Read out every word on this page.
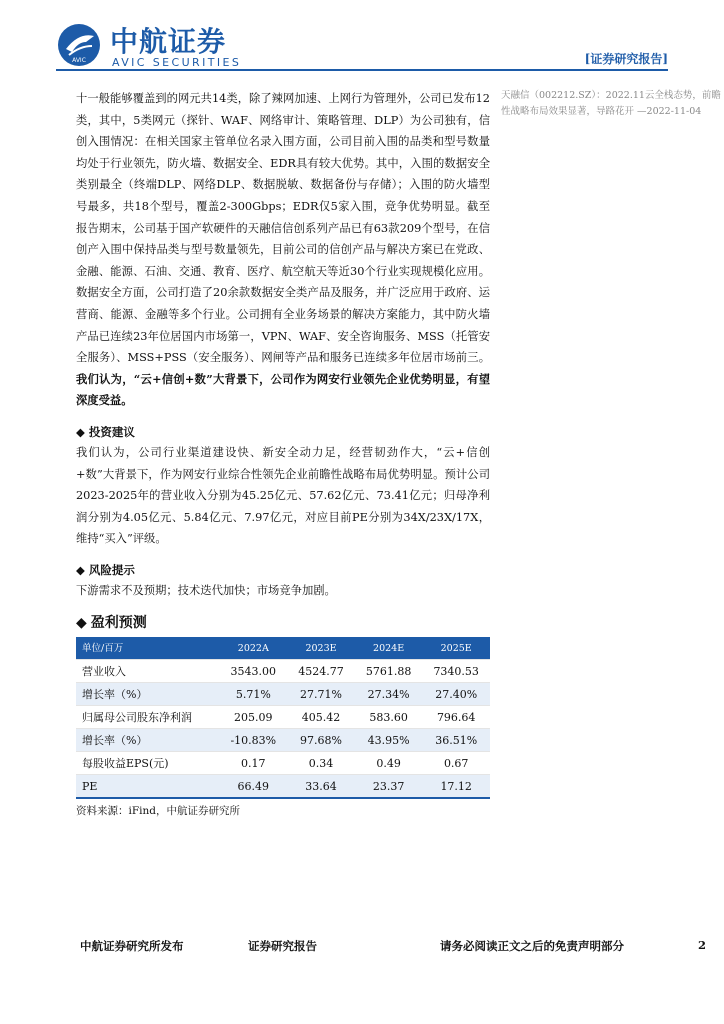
AVIC
中航证券
AVIC SECURITIES	[证券研究报告]

十一般能够覆盖到的网元共14类，除了辣网加速、上网行为管理外，公司已发布12类，其中，5类网元（探针、WAF、网络审计、策略管理、DLP）为公司独有，信创入围情况：在相关国家主管单位名录入围方面，公司目前入围的品类和型号数量均处于行业领先，防火墙、数据安全、EDR具有较大优势。其中，入围的数据安全类别最全（终端DLP、网络DLP、数据脱敏、数据备份与存储）；入围的防火墙型号最多，共18个型号，覆盖2-300Gbps；EDR仅5家入围，竞争优势明显。截至报告期末，公司基于国产软硬件的天融信信创系列产品已有63款209个型号，在信创产入围中保持品类与型号数量领先，目前公司的信创产品与解决方案已在党政、金融、能源、石油、交通、教育、医疗、航空航天等近30个行业实现规模化应用。数据安全方面，公司打造了20余款数据安全类产品及服务，并广泛应用于政府、运营商、能源、金融等多个行业。公司拥有全业务场景的解决方案能力，其中防火墙产品已连续23年位居国内市场第一，VPN、WAF、安全咨询服务、MSS（托管安全服务）、MSS+PSS（安全服务）、网闸等产品和服务已连续多年位居市场前三。我们认为，“云+信创+数”大背景下，公司作为网安行业领先企业优势明显，有望深度受益。

◆ 投资建议

我们认为，公司行业渠道建设快、新安全动力足，经营韧劲作大，“云+信创+数”大背景下，作为网安行业综合性领先企业前瞻性战略布局优势明显。预计公司2023-2025年的营业收入分别为45.25亿元、57.62亿元、73.41亿元；归母净利润分别为4.05亿元、5.84亿元、7.97亿元，对应目前PE分别为34X/23X/17X，维持“买入”评级。

◆ 风险提示

下游需求不及预期；技术迭代加快；市场竞争加剧。

◆ 盈利预测
单位/百万	2022A	2023E	2024E	2025E
营业收入	3543.00	4524.77	5761.88	7340.53
增长率（%）	5.71%	27.71%	27.34%	27.40%
归属母公司股东净利润	205.09	405.42	583.60	796.64
增长率（%）	-10.83%	97.68%	43.95%	36.51%
每股收益EPS(元)	0.17	0.34	0.49	0.67
PE	66.49	33.64	23.37	17.12
资料来源：iFind，中航证券研究所
天融信（002212.SZ）：2022.11云全栈态势，前瞻性战略布局效果显著，导路花开 —2022-11-04
中航证券研究所发布	证券研究报告	请务必阅读正文之后的免责声明部分	2
